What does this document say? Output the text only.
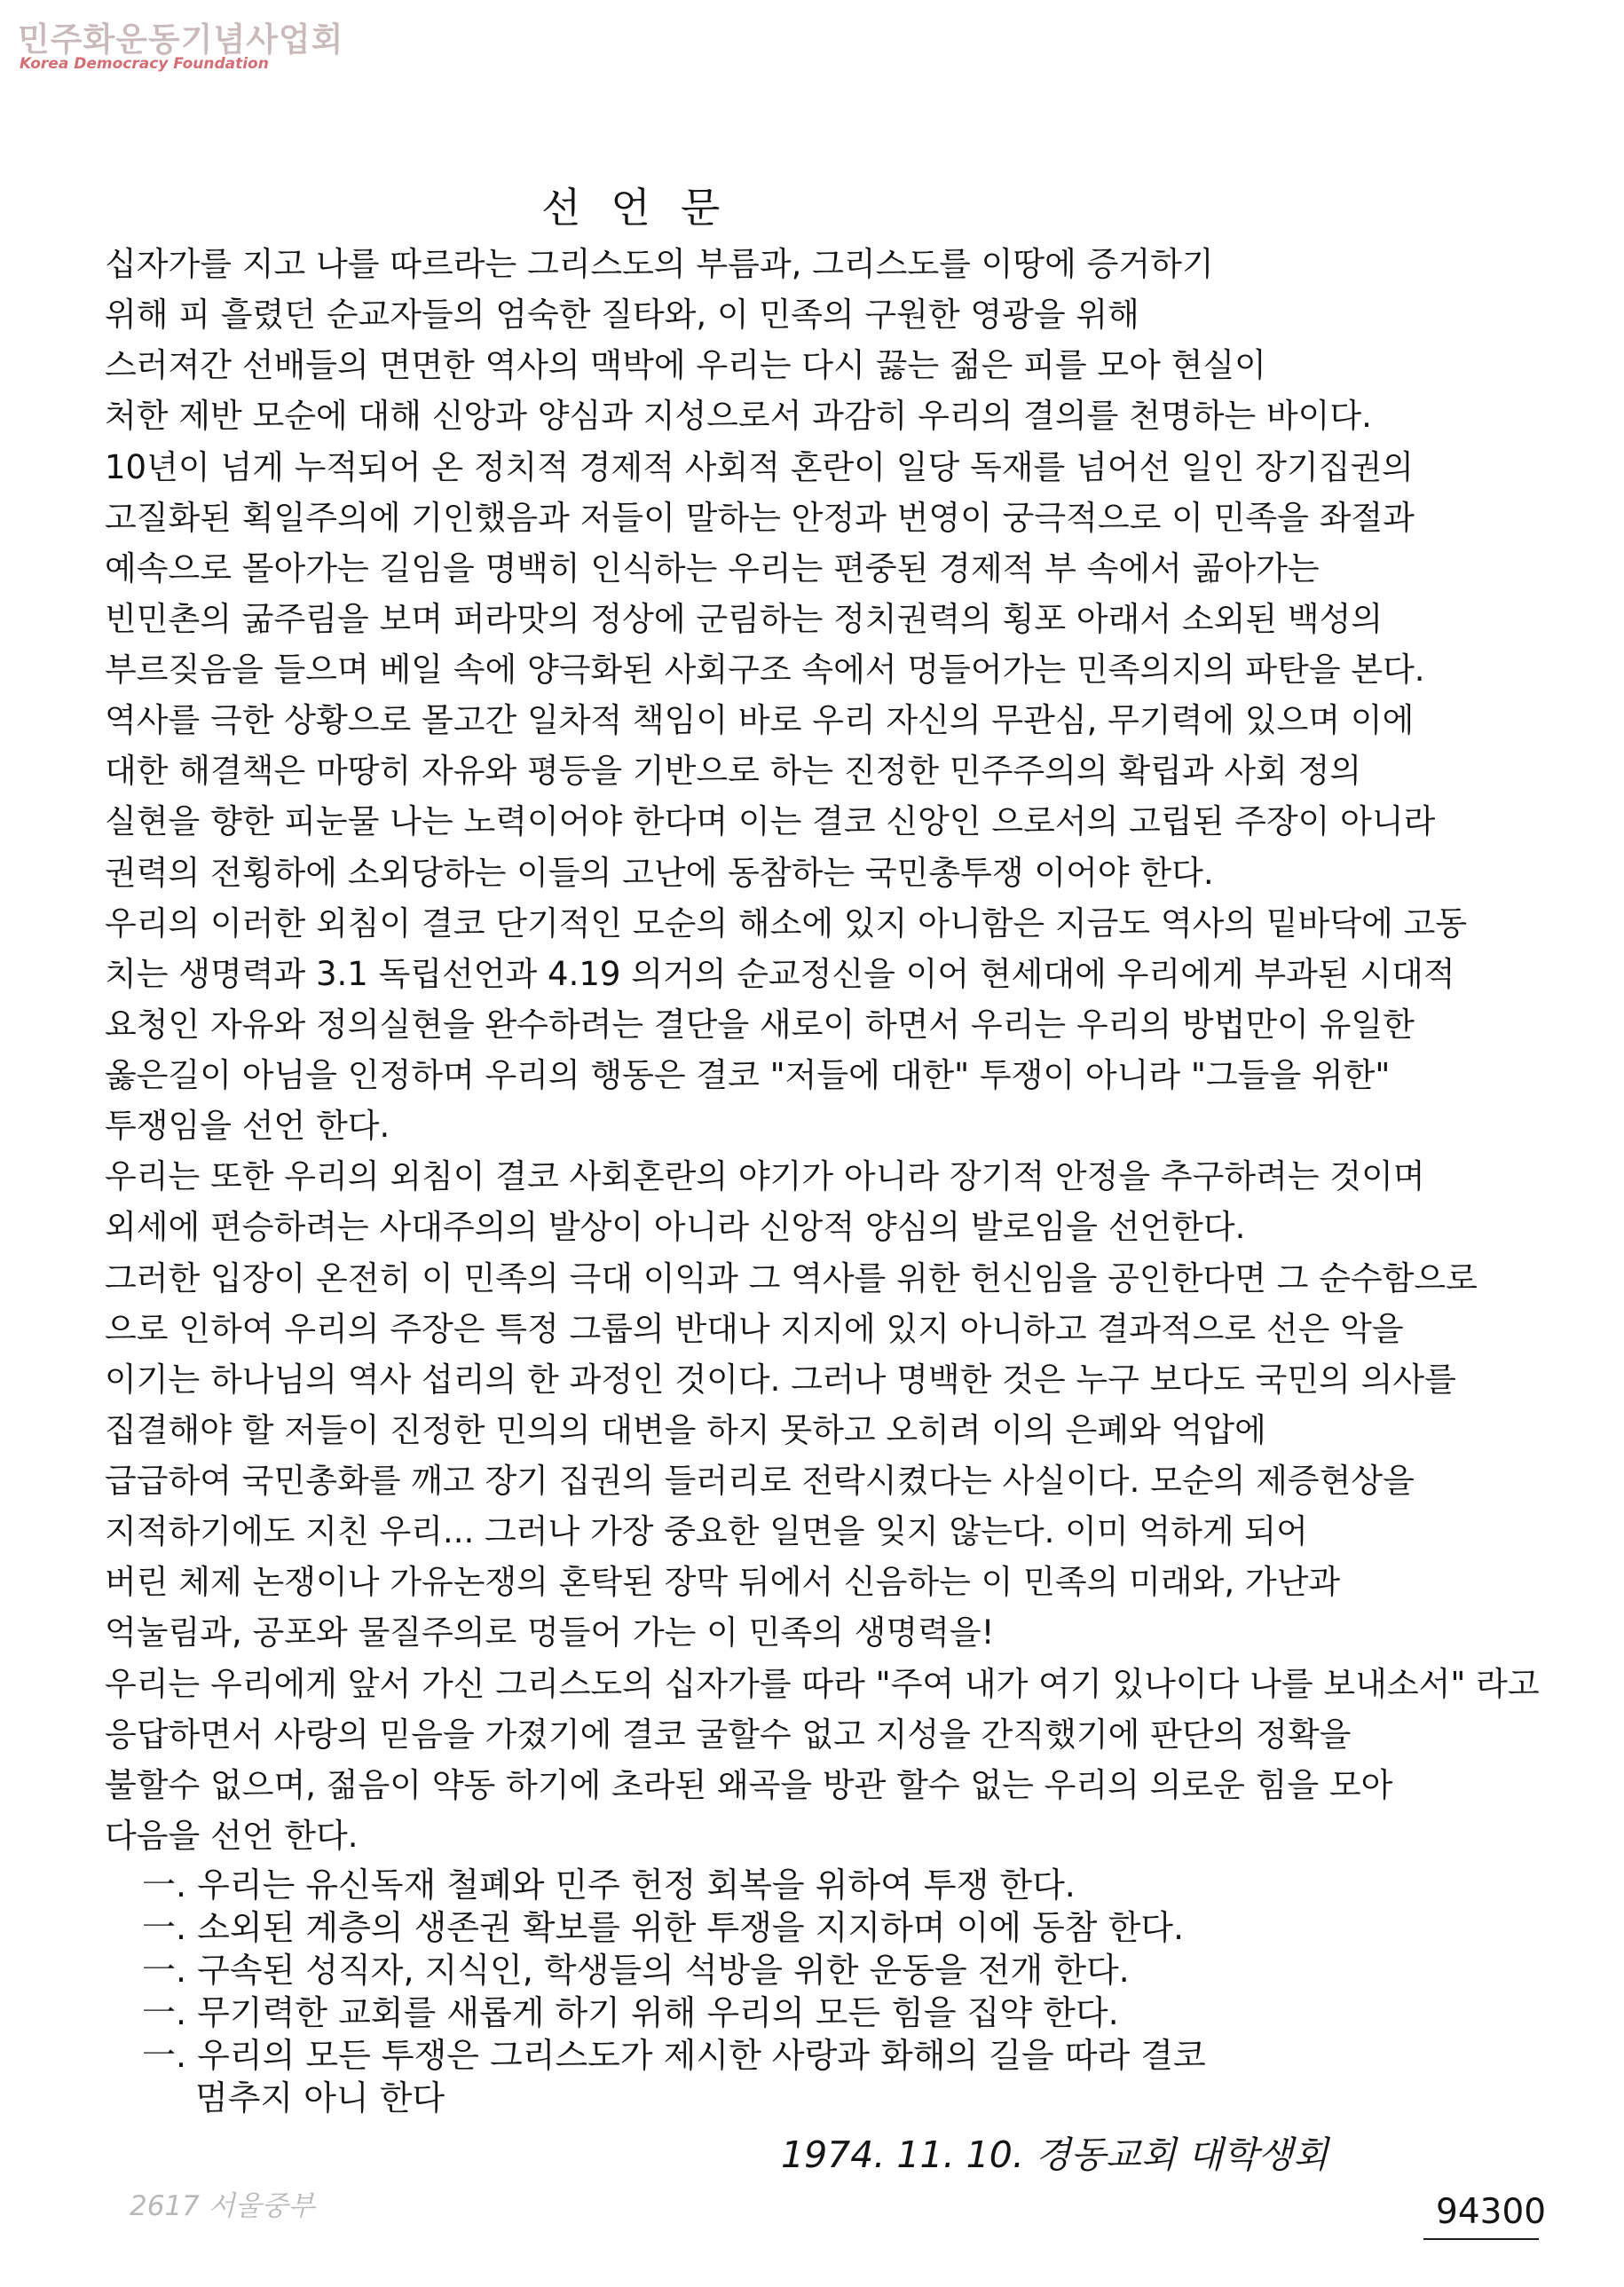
민주화운동기념사업회
Korea Democracy Foundation
선언문
십자가를 지고 나를 따르라는 그리스도의 부름과, 그리스도를 이땅에 증거하기
위해 피 흘렸던 순교자들의 엄숙한 질타와, 이 민족의 구원한 영광을 위해
스러져간 선배들의 면면한 역사의 맥박에 우리는 다시 끓는 젊은 피를 모아 현실이
처한 제반 모순에 대해 신앙과 양심과 지성으로서 과감히 우리의 결의를 천명하는 바이다.
10년이 넘게 누적되어 온 정치적 경제적 사회적 혼란이 일당 독재를 넘어선 일인 장기집권의
고질화된 획일주의에 기인했음과 저들이 말하는 안정과 번영이 궁극적으로 이 민족을 좌절과
예속으로 몰아가는 길임을 명백히 인식하는 우리는 편중된 경제적 부 속에서 곪아가는
빈민촌의 굶주림을 보며 퍼라맛의 정상에 군림하는 정치권력의 횡포 아래서 소외된 백성의
부르짖음을 들으며 베일 속에 양극화된 사회구조 속에서 멍들어가는 민족의지의 파탄을 본다.
역사를 극한 상황으로 몰고간 일차적 책임이 바로 우리 자신의 무관심, 무기력에 있으며 이에
대한 해결책은 마땅히 자유와 평등을 기반으로 하는 진정한 민주주의의 확립과 사회 정의
실현을 향한 피눈물 나는 노력이어야 한다며 이는 결코 신앙인 으로서의 고립된 주장이 아니라
권력의 전횡하에 소외당하는 이들의 고난에 동참하는 국민총투쟁 이어야 한다.
우리의 이러한 외침이 결코 단기적인 모순의 해소에 있지 아니함은 지금도 역사의 밑바닥에 고동
치는 생명력과 3.1 독립선언과 4.19 의거의 순교정신을 이어 현세대에 우리에게 부과된 시대적
요청인 자유와 정의실현을 완수하려는 결단을 새로이 하면서 우리는 우리의 방법만이 유일한
옳은길이 아님을 인정하며 우리의 행동은 결코 "저들에 대한" 투쟁이 아니라 "그들을 위한"
투쟁임을 선언 한다.
우리는 또한 우리의 외침이 결코 사회혼란의 야기가 아니라 장기적 안정을 추구하려는 것이며
외세에 편승하려는 사대주의의 발상이 아니라 신앙적 양심의 발로임을 선언한다.
그러한 입장이 온전히 이 민족의 극대 이익과 그 역사를 위한 헌신임을 공인한다면 그 순수함으로
으로 인하여 우리의 주장은 특정 그룹의 반대나 지지에 있지 아니하고 결과적으로 선은 악을
이기는 하나님의 역사 섭리의 한 과정인 것이다. 그러나 명백한 것은 누구 보다도 국민의 의사를
집결해야 할 저들이 진정한 민의의 대변을 하지 못하고 오히려 이의 은폐와 억압에
급급하여 국민총화를 깨고 장기 집권의 들러리로 전락시켰다는 사실이다. 모순의 제증현상을
지적하기에도 지친 우리... 그러나 가장 중요한 일면을 잊지 않는다. 이미 억하게 되어
버린 체제 논쟁이나 가유논쟁의 혼탁된 장막 뒤에서 신음하는 이 민족의 미래와, 가난과
억눌림과, 공포와 물질주의로 멍들어 가는 이 민족의 생명력을!
우리는 우리에게 앞서 가신 그리스도의 십자가를 따라 "주여 내가 여기 있나이다 나를 보내소서" 라고
응답하면서 사랑의 믿음을 가졌기에 결코 굴할수 없고 지성을 간직했기에 판단의 정확을
불할수 없으며, 젊음이 약동 하기에 초라된 왜곡을 방관 할수 없는 우리의 의로운 힘을 모아
다음을 선언 한다.
一. 우리는 유신독재 철폐와 민주 헌정 회복을 위하여 투쟁 한다.
一. 소외된 계층의 생존권 확보를 위한 투쟁을 지지하며 이에 동참 한다.
一. 구속된 성직자, 지식인, 학생들의 석방을 위한 운동을 전개 한다.
一. 무기력한 교회를 새롭게 하기 위해 우리의 모든 힘을 집약 한다.
一. 우리의 모든 투쟁은 그리스도가 제시한 사랑과 화해의 길을 따라 결코
멈추지 아니 한다
2617 서울중부
1974. 11. 10. 경동교회 대학생회
94300
